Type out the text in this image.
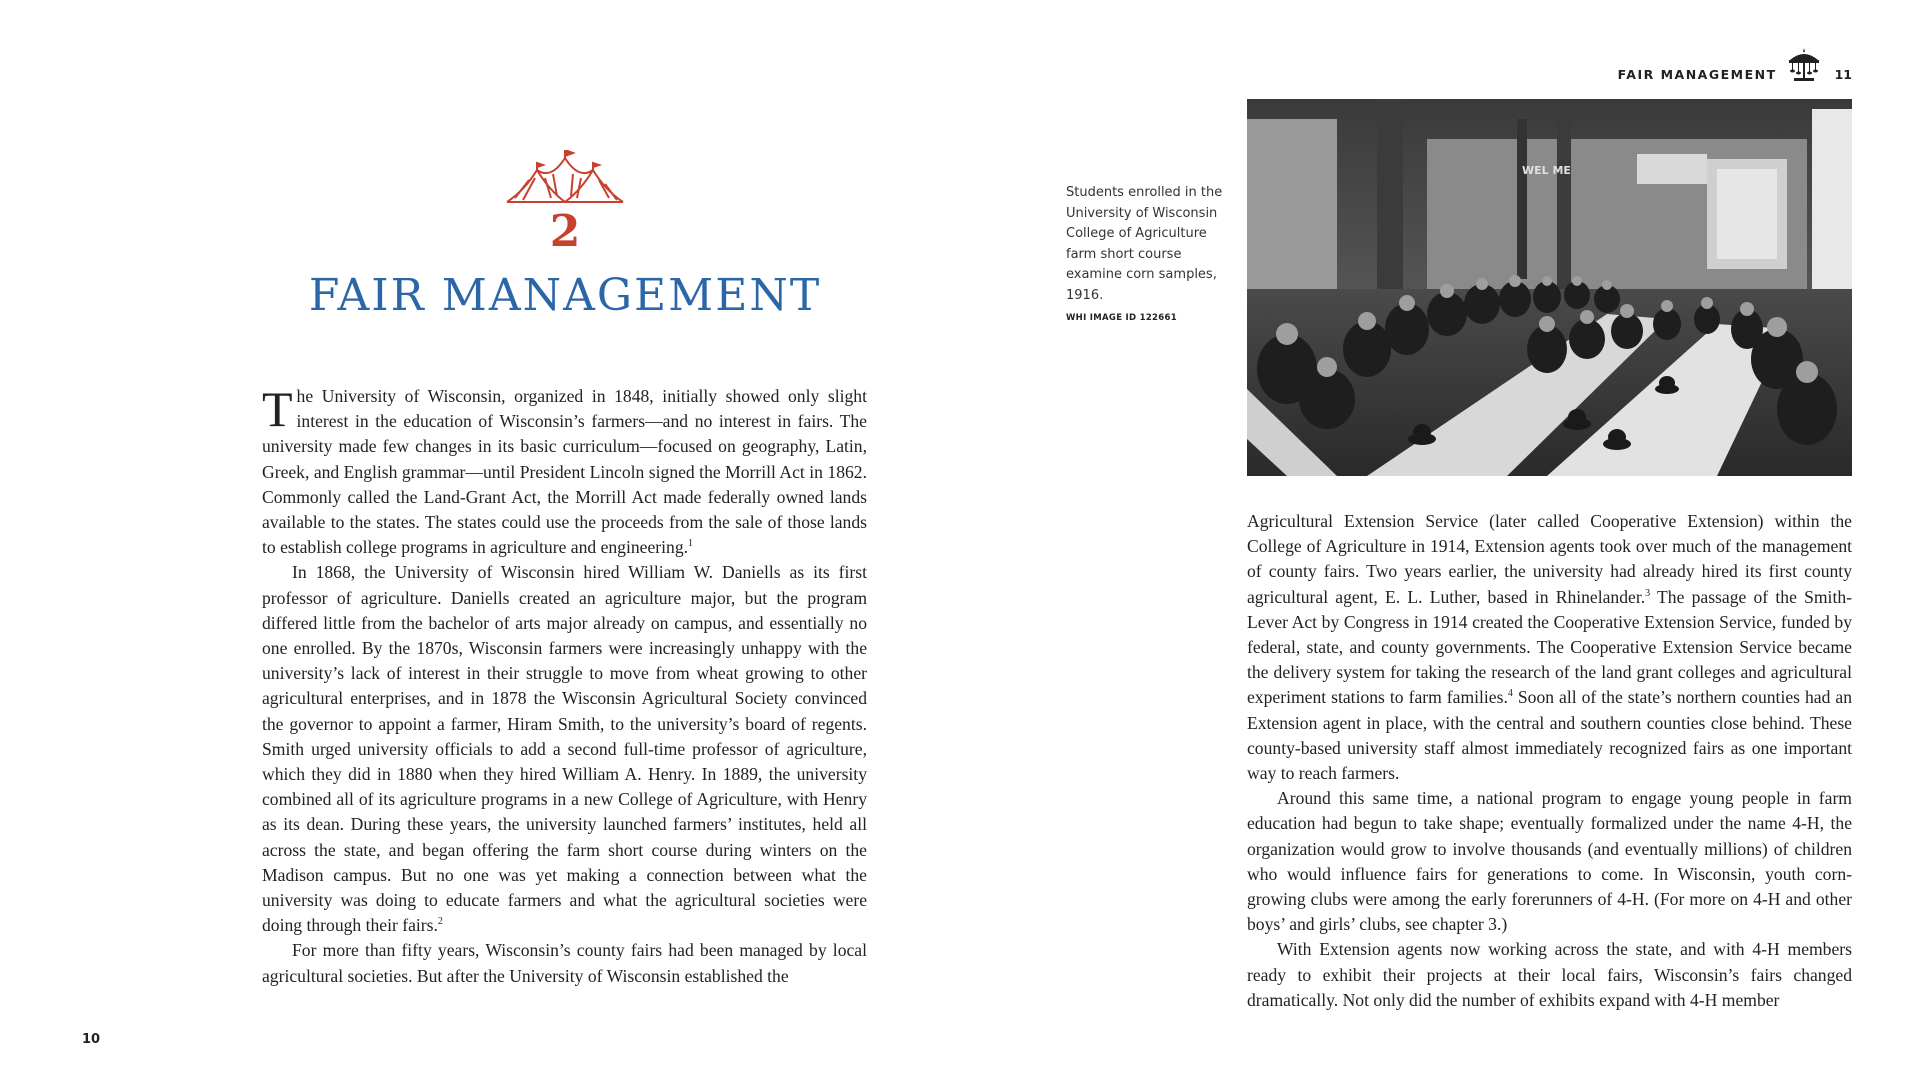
2
FAIR MANAGEMENT

The University of Wisconsin, organized in 1848, initially showed only slight interest in the education of Wisconsin’s farmers—and no interest in fairs. The university made few changes in its basic curriculum—focused on geography, Latin, Greek, and English grammar—until President Lincoln signed the Morrill Act in 1862. Commonly called the Land-Grant Act, the Morrill Act made federally owned lands available to the states. The states could use the proceeds from the sale of those lands to establish college programs in agriculture and engineering.$^1$

In 1868, the University of Wisconsin hired William W. Daniells as its first professor of agriculture. Daniells created an agriculture major, but the program differed little from the bachelor of arts major already on campus, and essentially no one enrolled. By the 1870s, Wisconsin farmers were increasingly unhappy with the university’s lack of interest in their struggle to move from wheat growing to other agricultural enterprises, and in 1878 the Wisconsin Agricultural Society convinced the governor to appoint a farmer, Hiram Smith, to the university’s board of regents. Smith urged university officials to add a second full-time professor of agriculture, which they did in 1880 when they hired William A. Henry. In 1889, the university combined all of its agriculture programs in a new College of Agriculture, with Henry as its dean. During these years, the university launched farmers’ institutes, held all across the state, and began offering the farm short course during winters on the Madison campus. But no one was yet making a connection between what the university was doing to educate farmers and what the agricultural societies were doing through their fairs.$^2$

For more than fifty years, Wisconsin’s county fairs had been managed by local agricultural societies. But after the University of Wisconsin established the

10
FAIR MANAGEMENT	11
Students enrolled in the University of Wisconsin College of Agriculture farm short course examine corn samples, 1916.
WHI IMAGE ID 122661
WEL ME

Agricultural Extension Service (later called Cooperative Extension) within the College of Agriculture in 1914, Extension agents took over much of the management of county fairs. Two years earlier, the university had already hired its first county agricultural agent, E. L. Luther, based in Rhinelander.$^3$ The passage of the Smith-Lever Act by Congress in 1914 created the Cooperative Extension Service, funded by federal, state, and county governments. The Cooperative Extension Service became the delivery system for taking the research of the land grant colleges and agricultural experiment stations to farm families.$^4$ Soon all of the state’s northern counties had an Extension agent in place, with the central and southern counties close behind. These county-based university staff almost immediately recognized fairs as one important way to reach farmers.

Around this same time, a national program to engage young people in farm education had begun to take shape; eventually formalized under the name 4-H, the organization would grow to involve thousands (and eventually millions) of children who would influence fairs for generations to come. In Wisconsin, youth corn-growing clubs were among the early forerunners of 4-H. (For more on 4-H and other boys’ and girls’ clubs, see chapter 3.)

With Extension agents now working across the state, and with 4-H members ready to exhibit their projects at their local fairs, Wisconsin’s fairs changed dramatically. Not only did the number of exhibits expand with 4-H member
